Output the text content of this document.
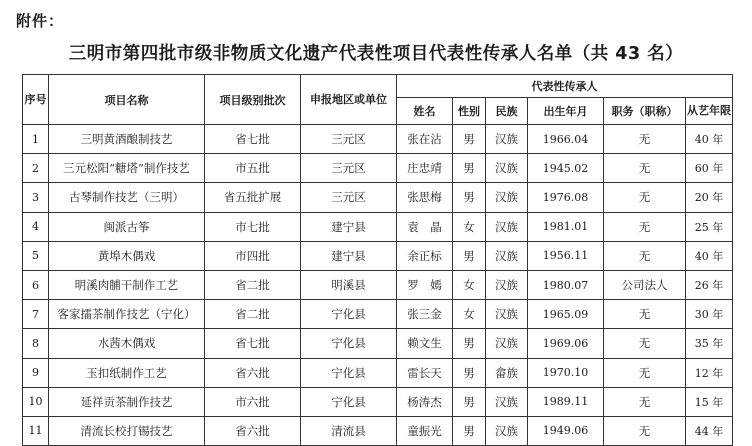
附件：
三明市第四批市级非物质文化遗产代表性项目代表性传承人名单（共 43 名）
序号	项目名称	项目级别批次	申报地区或单位	代表性传承人					
				姓名	性别	民族	出生年月	职务（职称）	从艺年限
1	三明黄酒酿制技艺	省七批	三元区	张在沾	男	汉族	1966.04	无	40 年
2	三元松阳“糖塔”制作技艺	市五批	三元区	庄忠靖	男	汉族	1945.02	无	60 年
3	古琴制作技艺（三明）	省五批扩展	三元区	张思梅	男	汉族	1976.08	无	20 年
4	闽派古筝	市七批	建宁县	袁　晶	女	汉族	1981.01	无	25 年
5	黄埠木偶戏	市四批	建宁县	余正标	男	汉族	1956.11	无	40 年
6	明溪肉脯干制作工艺	省二批	明溪县	罗　嫣	女	汉族	1980.07	公司法人	26 年
7	客家擂茶制作技艺（宁化）	省二批	宁化县	张三金	女	汉族	1965.09	无	30 年
8	水茜木偶戏	省七批	宁化县	赖文生	男	汉族	1969.06	无	35 年
9	玉扣纸制作工艺	省六批	宁化县	雷长天	男	畲族	1970.10	无	12 年
10	延祥贡茶制作技艺	市六批	宁化县	杨涛杰	男	汉族	1989.11	无	15 年
11	清流长校打锡技艺	省六批	清流县	童振光	男	汉族	1949.06	无	44 年
